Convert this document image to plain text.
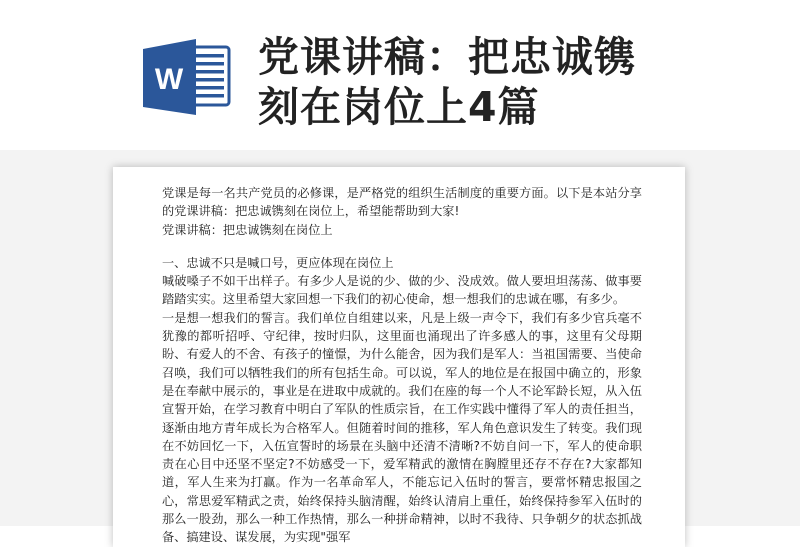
W 党课讲稿：把忠诚镌
刻在岗位上4篇

党课是每一名共产党员的必修课，是严格党的组织生活制度的重要方面。以下是本站分享的党课讲稿：把忠诚镌刻在岗位上，希望能帮助到大家!

党课讲稿：把忠诚镌刻在岗位上

一、忠诚不只是喊口号，更应体现在岗位上

喊破嗓子不如干出样子。有多少人是说的少、做的少、没成效。做人要坦坦荡荡、做事要踏踏实实。这里希望大家回想一下我们的初心使命，想一想我们的忠诚在哪，有多少。

一是想一想我们的誓言。我们单位自组建以来，凡是上级一声令下，我们有多少官兵毫不犹豫的都听招呼、守纪律，按时归队，这里面也涌现出了许多感人的事，这里有父母期盼、有爱人的不舍、有孩子的憧憬，为什么能舍，因为我们是军人：当祖国需要、当使命召唤，我们可以牺牲我们的所有包括生命。可以说，军人的地位是在报国中确立的，形象是在奉献中展示的，事业是在进取中成就的。我们在座的每一个人不论军龄长短，从入伍宣誓开始，在学习教育中明白了军队的性质宗旨，在工作实践中懂得了军人的责任担当，逐渐由地方青年成长为合格军人。但随着时间的推移，军人角色意识发生了转变。我们现在不妨回忆一下，入伍宣誓时的场景在头脑中还清不清晰?不妨自问一下，军人的使命职责在心目中还坚不坚定?不妨感受一下，爱军精武的激情在胸膛里还存不存在?大家都知道，军人生来为打赢。作为一名革命军人，不能忘记入伍时的誓言，要常怀精忠报国之心，常思爱军精武之责，始终保持头脑清醒，始终认清肩上重任，始终保持参军入伍时的那么一股劲，那么一种工作热情，那么一种拼命精神，以时不我待、只争朝夕的状态抓战备、搞建设、谋发展，为实现"强军
